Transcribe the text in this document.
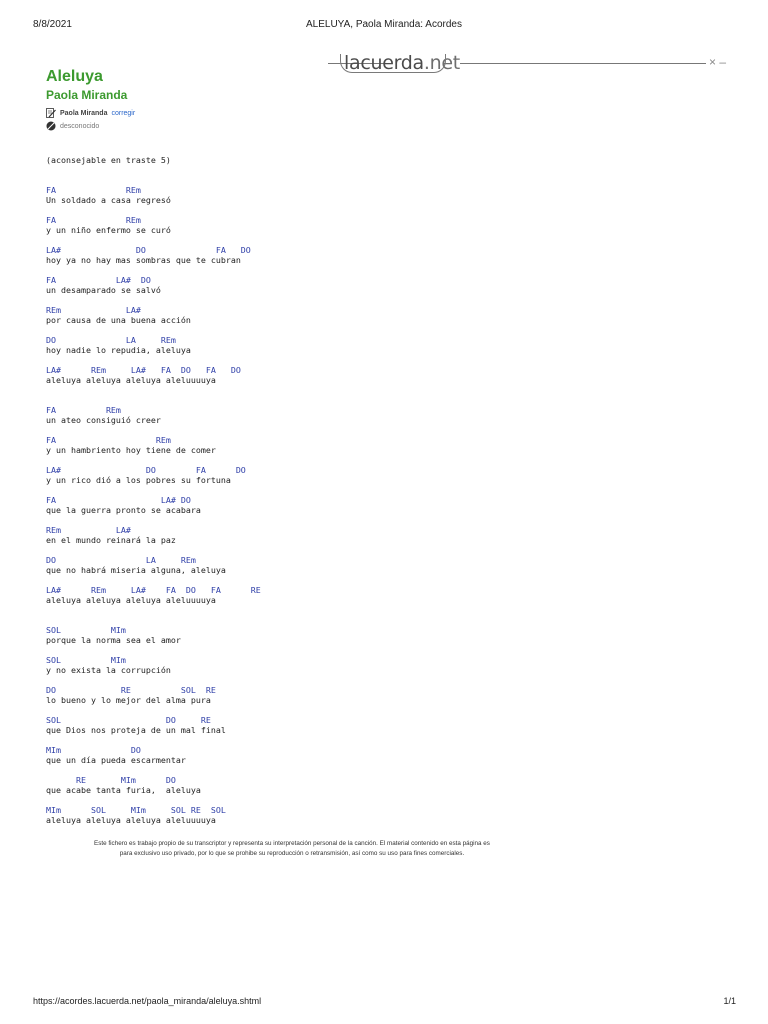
8/8/2021	ALELUYA, Paola Miranda: Acordes
lacuerda.net	× –
Aleluya
Paola Miranda
Paola Miranda corregir
desconocido
(aconsejable en traste 5)
FA              REm
Un soldado a casa regresó
FA              REm
y un niño enfermo se curó
LA#               DO              FA   DO
hoy ya no hay mas sombras que te cubran
FA            LA#  DO
un desamparado se salvó
REm             LA#
por causa de una buena acción
DO              LA     REm
hoy nadie lo repudia, aleluya
LA#      REm     LA#   FA  DO   FA   DO
aleluya aleluya aleluya aleluuuuya
FA          REm
un ateo consiguió creer
FA                    REm
y un hambriento hoy tiene de comer
LA#                 DO        FA      DO
y un rico dió a los pobres su fortuna
FA                     LA# DO
que la guerra pronto se acabara
REm           LA#
en el mundo reinará la paz
DO                  LA     REm
que no habrá miseria alguna, aleluya
LA#      REm     LA#    FA  DO   FA      RE
aleluya aleluya aleluya aleluuuuya
SOL          MIm
porque la norma sea el amor
SOL          MIm
y no exista la corrupción
DO             RE          SOL  RE
lo bueno y lo mejor del alma pura
SOL                     DO     RE
que Dios nos proteja de un mal final
MIm              DO
que un día pueda escarmentar
RE       MIm      DO
que acabe tanta furia,  aleluya
MIm      SOL     MIm     SOL RE  SOL
aleluya aleluya aleluya aleluuuuya
Este fichero es trabajo propio de su transcriptor y representa su interpretación personal de la canción. El material contenido en esta página es
para exclusivo uso privado, por lo que se prohibe su reproducción o retransmisión, así como su uso para fines comerciales.
https://acordes.lacuerda.net/paola_miranda/aleluya.shtml	1/1
